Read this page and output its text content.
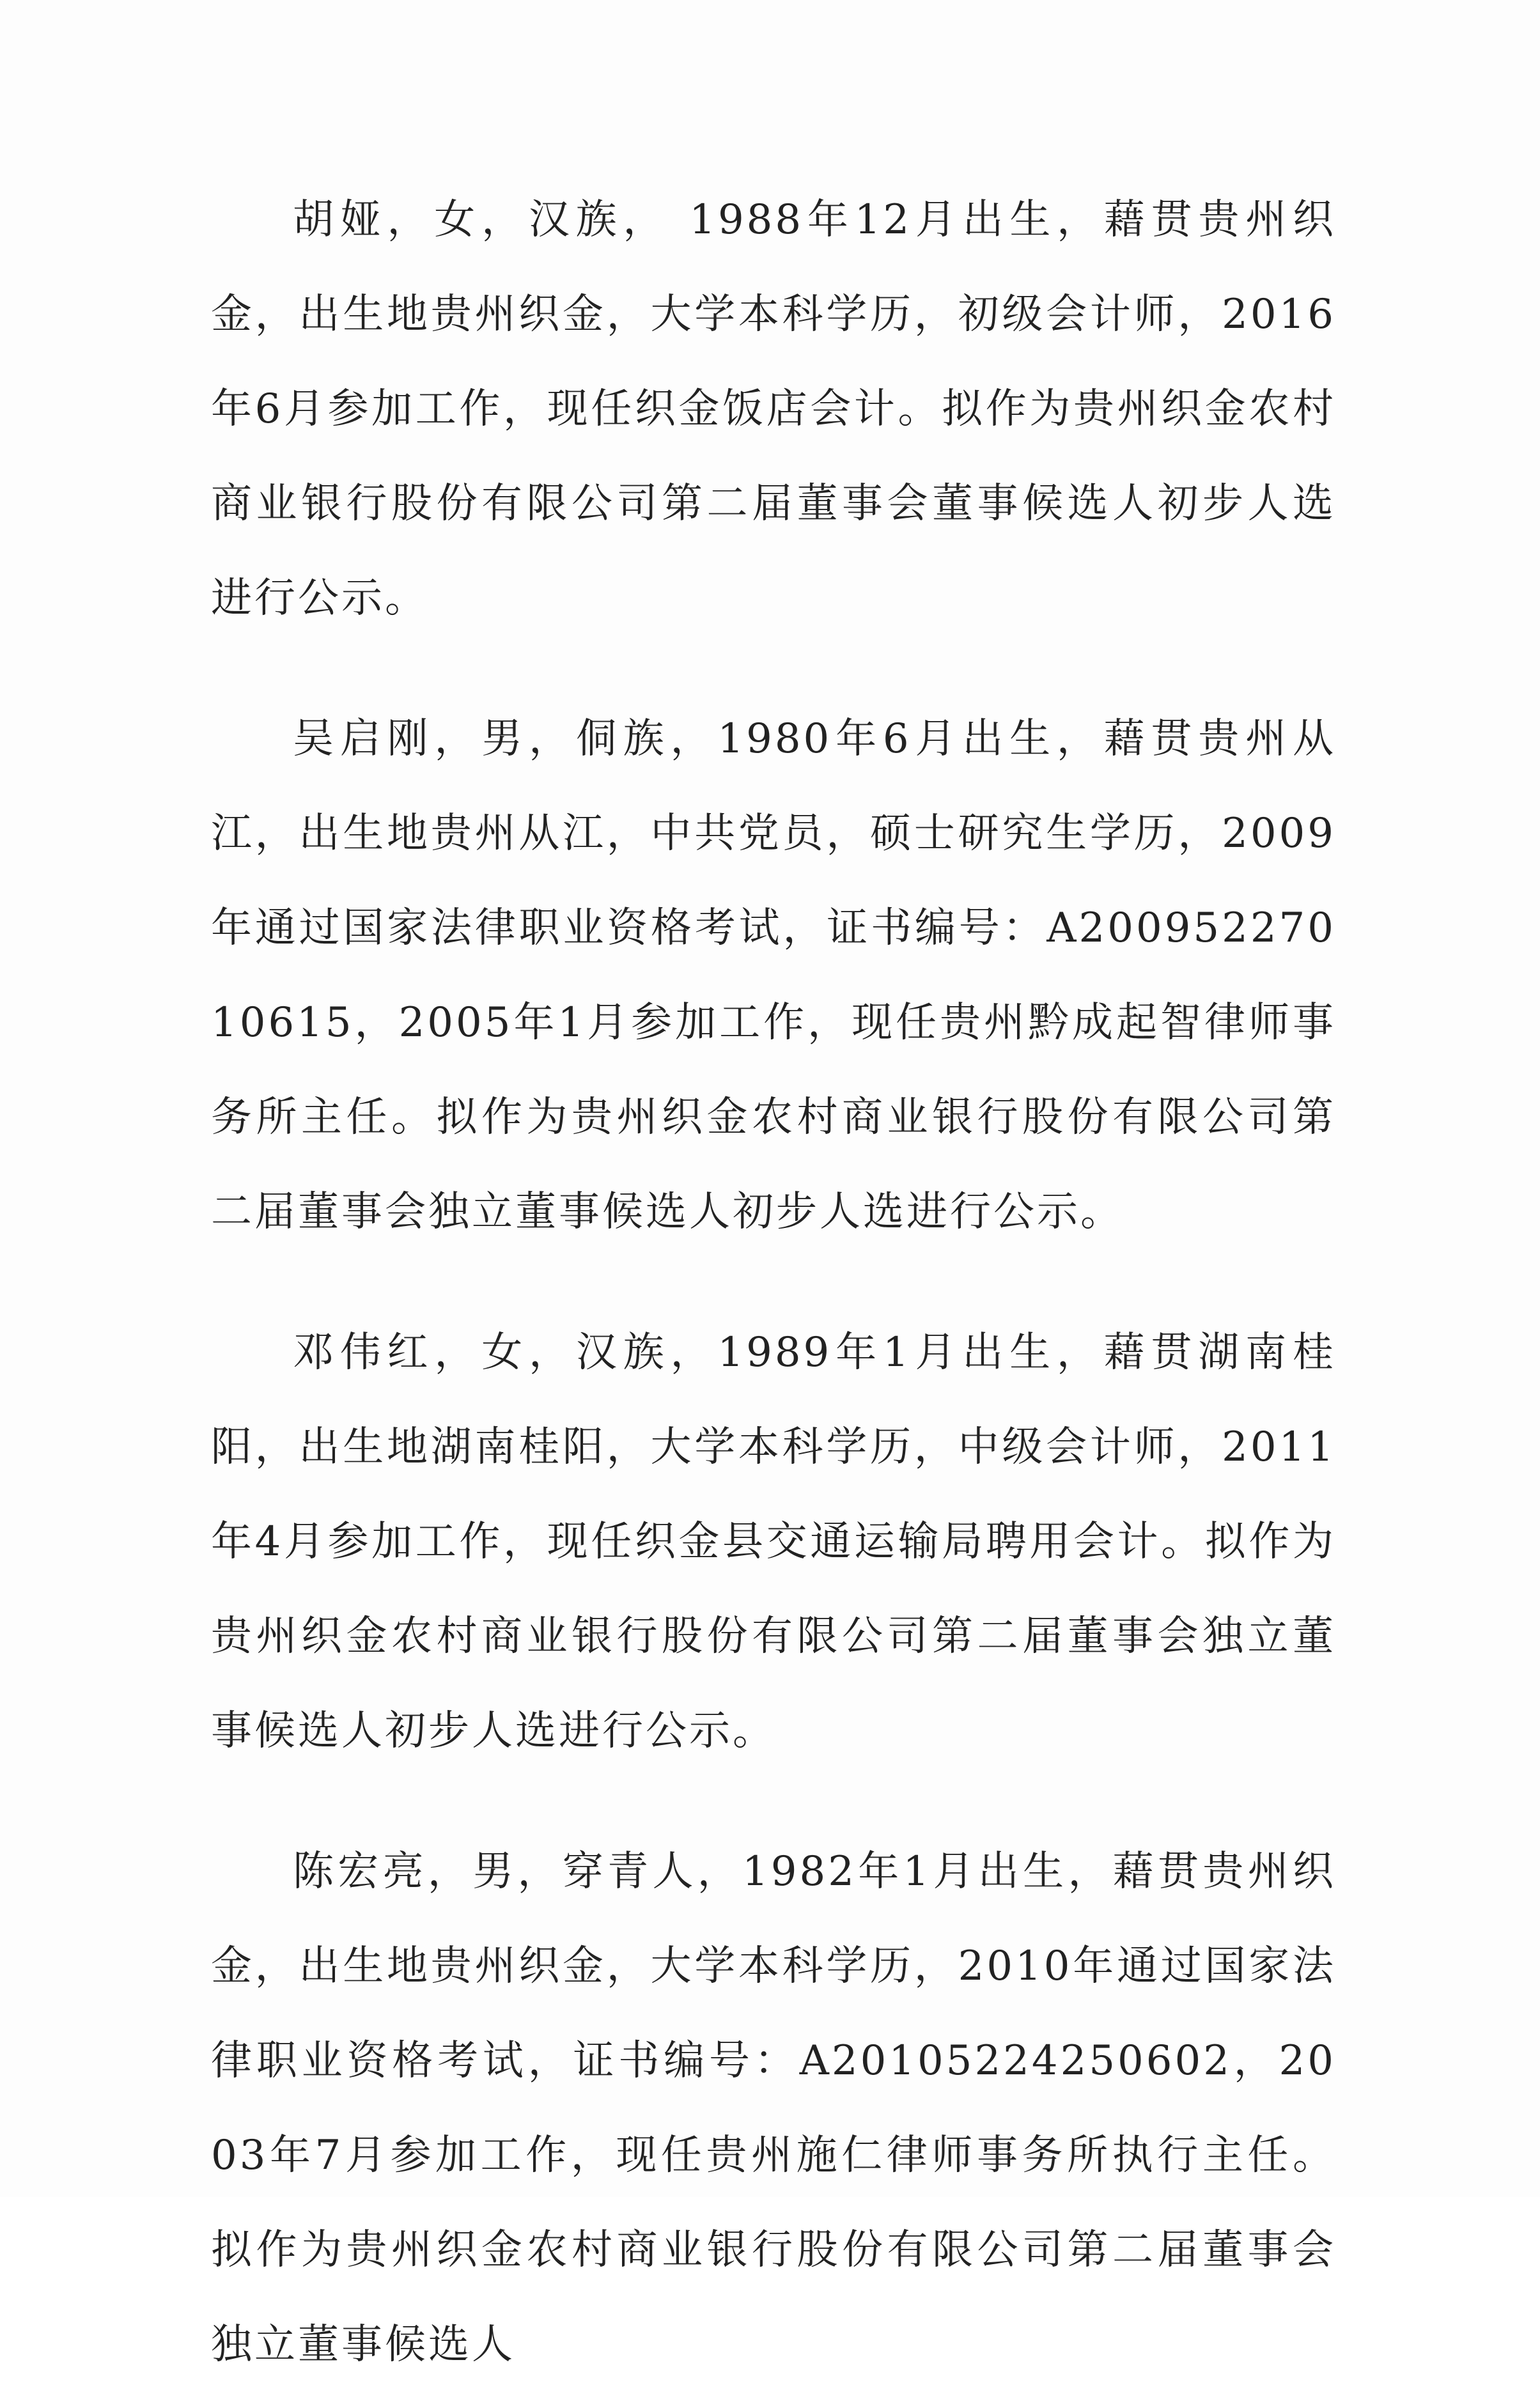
胡娅，女，汉族， 1988年12月出生，藉贯贵州织金，出生地贵州织金，大学本科学历，初级会计师，2016年6月参加工作，现任织金饭店会计。拟作为贵州织金农村商业银行股份有限公司第二届董事会董事候选人初步人选进行公示。

吴启刚，男，侗族，1980年6月出生，藉贯贵州从江，出生地贵州从江，中共党员，硕士研究生学历，2009年通过国家法律职业资格考试，证书编号：A20095227010615，2005年1月参加工作，现任贵州黔成起智律师事务所主任。拟作为贵州织金农村商业银行股份有限公司第二届董事会独立董事候选人初步人选进行公示。

邓伟红，女，汉族，1989年1月出生，藉贯湖南桂阳，出生地湖南桂阳，大学本科学历，中级会计师，2011年4月参加工作，现任织金县交通运输局聘用会计。拟作为贵州织金农村商业银行股份有限公司第二届董事会独立董事候选人初步人选进行公示。

陈宏亮，男，穿青人，1982年1月出生，藉贯贵州织金，出生地贵州织金，大学本科学历，2010年通过国家法律职业资格考试，证书编号：A20105224250602，2003年7月参加工作，现任贵州施仁律师事务所执行主任。拟作为贵州织金农村商业银行股份有限公司第二届董事会独立董事候选人
